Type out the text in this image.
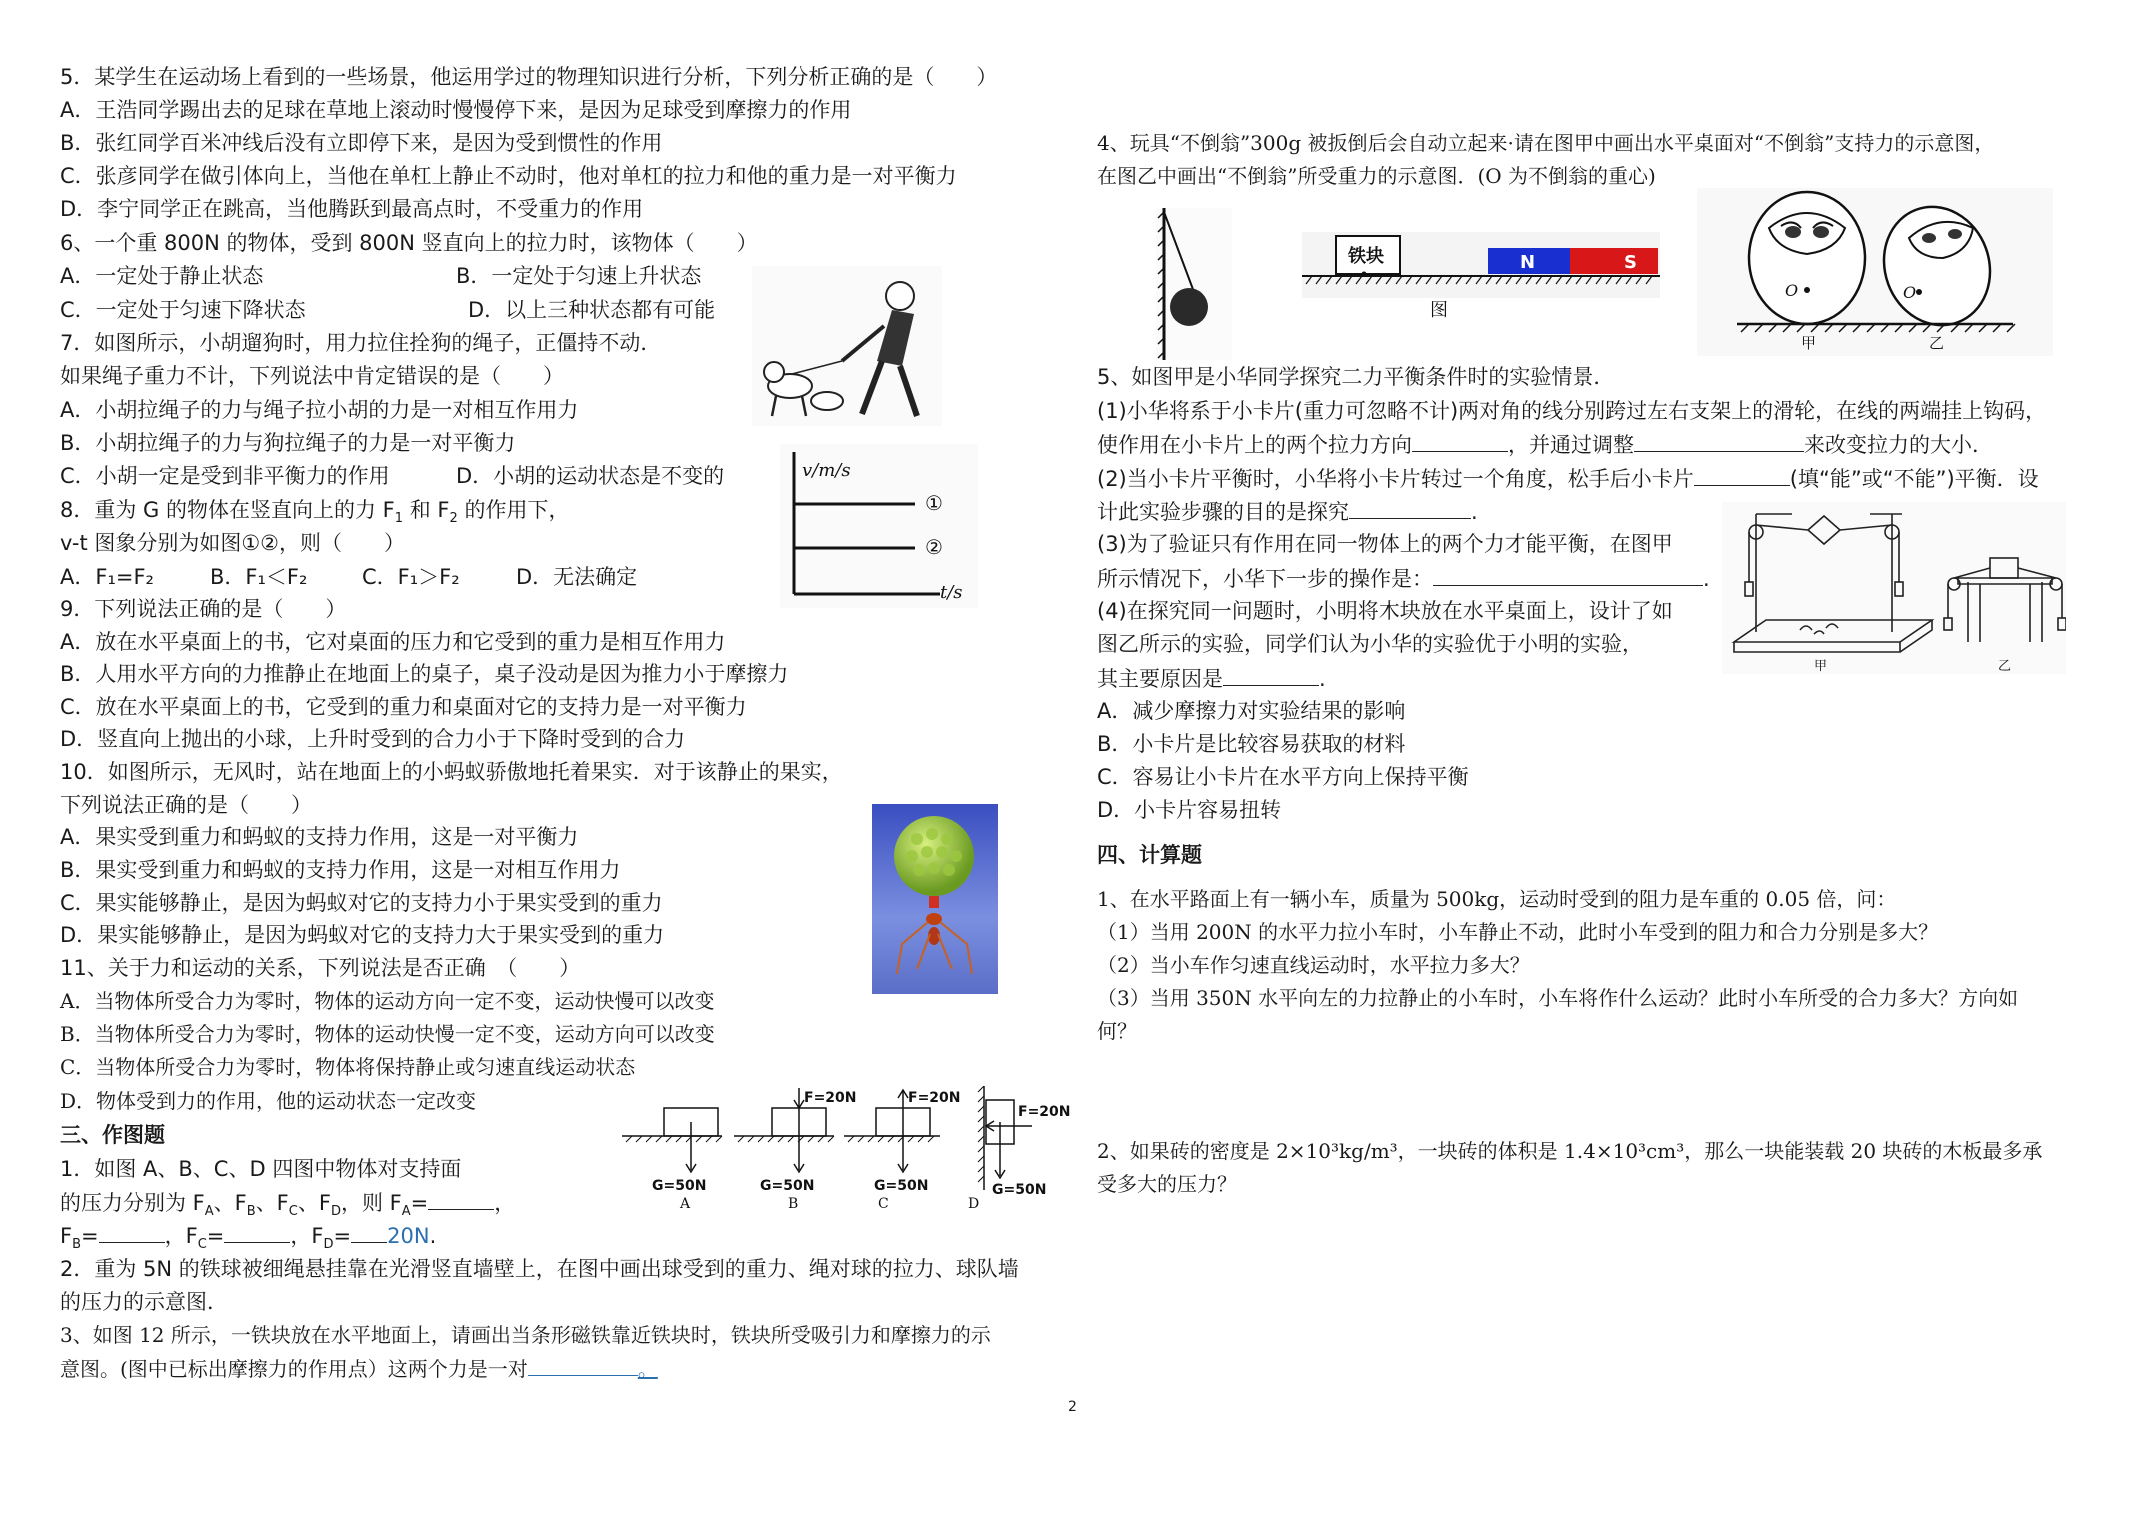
5．某学生在运动场上看到的一些场景，他运用学过的物理知识进行分析，下列分析正确的是（　　）
A．王浩同学踢出去的足球在草地上滚动时慢慢停下来，是因为足球受到摩擦力的作用
B．张红同学百米冲线后没有立即停下来，是因为受到惯性的作用
C．张彦同学在做引体向上，当他在单杠上静止不动时，他对单杠的拉力和他的重力是一对平衡力
D．李宁同学正在跳高，当他腾跃到最高点时，不受重力的作用
6、一个重 800N 的物体，受到 800N 竖直向上的拉力时，该物体（　　）
A．一定处于静止状态	B．一定处于匀速上升状态
C．一定处于匀速下降状态	D．以上三种状态都有可能
7．如图所示，小胡遛狗时，用力拉住拴狗的绳子，正僵持不动．
如果绳子重力不计，下列说法中肯定错误的是（　　）
A．小胡拉绳子的力与绳子拉小胡的力是一对相互作用力
B．小胡拉绳子的力与狗拉绳子的力是一对平衡力
C．小胡一定是受到非平衡力的作用	D．小胡的运动状态是不变的	v/m/s
①
②
t/s
8．重为 G 的物体在竖直向上的力 $F_1$ 和 $F_2$ 的作用下，
v-t 图象分别为如图①②，则（　　）
A．F₁=F₂	B．F₁＜F₂	C．F₁＞F₂	D．无法确定
9．下列说法正确的是（　　）
A．放在水平桌面上的书，它对桌面的压力和它受到的重力是相互作用力
B．人用水平方向的力推静止在地面上的桌子，桌子没动是因为推力小于摩擦力
C．放在水平桌面上的书，它受到的重力和桌面对它的支持力是一对平衡力
D．竖直向上抛出的小球，上升时受到的合力小于下降时受到的合力
10．如图所示，无风时，站在地面上的小蚂蚁骄傲地托着果实．对于该静止的果实，
下列说法正确的是（　　）
A．果实受到重力和蚂蚁的支持力作用，这是一对平衡力
B．果实受到重力和蚂蚁的支持力作用，这是一对相互作用力
C．果实能够静止，是因为蚂蚁对它的支持力小于果实受到的重力
D．果实能够静止，是因为蚂蚁对它的支持力大于果实受到的重力
11、关于力和运动的关系，下列说法是否正确　（　　）
A．当物体所受合力为零时，物体的运动方向一定不变，运动快慢可以改变
B．当物体所受合力为零时，物体的运动快慢一定不变，运动方向可以改变
C．当物体所受合力为零时，物体将保持静止或匀速直线运动状态
D．物体受到力的作用，他的运动状态一定改变
三、作图题
G=50N
A
F=20N
G=50N
B
F=20N
G=50N
C
F=20N
G=50N
D
1．如图 A、B、C、D 四图中物体对支持面
的压力分别为 $F_A$、$F_B$、$F_C$、$F_D$，则 $F_A=$	，
$F_B=$	，$F_C=$	，$F_D= 20N$.
2．重为 5N 的铁球被细绳悬挂靠在光滑竖直墙壁上，在图中画出球受到的重力、绳对球的拉力、球队墙
的压力的示意图．
3、如图 12 所示，一铁块放在水平地面上，请画出当条形磁铁靠近铁块时，铁块所受吸引力和摩擦力的示
意图。(图中已标出摩擦力的作用点）这两个力是一对	。
2
4、玩具“不倒翁”300g 被扳倒后会自动立起来·请在图甲中画出水平桌面对“不倒翁”支持力的示意图，
在图乙中画出“不倒翁”所受重力的示意图．(O 为不倒翁的重心)
铁块	N	S
图
O	O
甲	乙
5、如图甲是小华同学探究二力平衡条件时的实验情景．
(1)小华将系于小卡片(重力可忽略不计)两对角的线分别跨过左右支架上的滑轮，在线的两端挂上钩码，
使作用在小卡片上的两个拉力方向	，并通过调整	来改变拉力的大小．
(2)当小卡片平衡时，小华将小卡片转过一个角度，松手后小卡片	(填“能”或“不能”)平衡．设
计此实验步骤的目的是探究	.
(3)为了验证只有作用在同一物体上的两个力才能平衡，在图甲
所示情况下，小华下一步的操作是：	.
(4)在探究同一问题时，小明将木块放在水平桌面上，设计了如
图乙所示的实验，同学们认为小华的实验优于小明的实验，
其主要原因是	.
A．减少摩擦力对实验结果的影响
B．小卡片是比较容易获取的材料
C．容易让小卡片在水平方向上保持平衡
D．小卡片容易扭转
甲	乙
四、计算题
1、在水平路面上有一辆小车，质量为 500kg，运动时受到的阻力是车重的 0.05 倍，问：
（1）当用 200N 的水平力拉小车时，小车静止不动，此时小车受到的阻力和合力分别是多大？
（2）当小车作匀速直线运动时，水平拉力多大？
（3）当用 350N 水平向左的力拉静止的小车时，小车将作什么运动？此时小车所受的合力多大？方向如
何？
2、如果砖的密度是 2×10³kg/m³，一块砖的体积是 1.4×10³cm³，那么一块能装载 20 块砖的木板最多承
受多大的压力？
